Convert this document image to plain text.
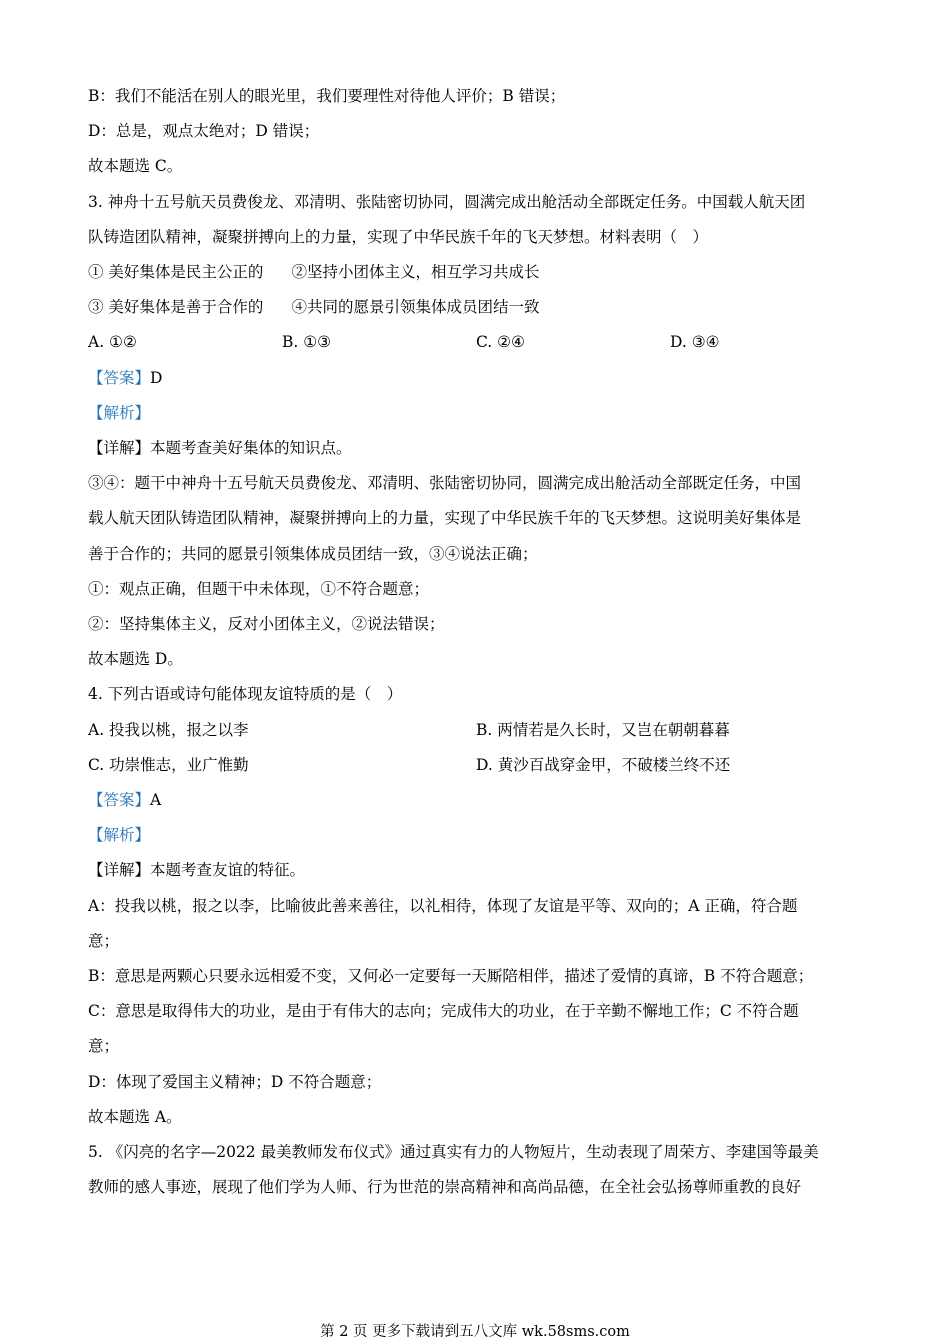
B：我们不能活在别人的眼光里，我们要理性对待他人评价；B 错误；
D：总是，观点太绝对；D 错误；
故本题选 C。
3. 神舟十五号航天员费俊龙、邓清明、张陆密切协同，圆满完成出舱活动全部既定任务。中国载人航天团
队铸造团队精神，凝聚拼搏向上的力量，实现了中华民族千年的飞天梦想。材料表明（　）
① 美好集体是民主公正的 ②坚持小团体主义，相互学习共成长
③ 美好集体是善于合作的 ④共同的愿景引领集体成员团结一致
A. ①②	B. ①③	C. ②④	D. ③④
【答案】D
【解析】
【详解】本题考查美好集体的知识点。
③④：题干中神舟十五号航天员费俊龙、邓清明、张陆密切协同，圆满完成出舱活动全部既定任务，中国
载人航天团队铸造团队精神，凝聚拼搏向上的力量，实现了中华民族千年的飞天梦想。这说明美好集体是
善于合作的；共同的愿景引领集体成员团结一致，③④说法正确；
①：观点正确，但题干中未体现，①不符合题意；
②：坚持集体主义，反对小团体主义，②说法错误；
故本题选 D。
4. 下列古语或诗句能体现友谊特质的是（　）
A. 投我以桃，报之以李	B. 两情若是久长时，又岂在朝朝暮暮
C. 功崇惟志，业广惟勤	D. 黄沙百战穿金甲，不破楼兰终不还
【答案】A
【解析】
【详解】本题考查友谊的特征。
A：投我以桃，报之以李，比喻彼此善来善往，以礼相待，体现了友谊是平等、双向的；A 正确，符合题
意；
B：意思是两颗心只要永远相爱不变，又何必一定要每一天厮陪相伴，描述了爱情的真谛，B 不符合题意；
C：意思是取得伟大的功业，是由于有伟大的志向；完成伟大的功业，在于辛勤不懈地工作；C 不符合题
意；
D：体现了爱国主义精神；D 不符合题意；
故本题选 A。
5. 《闪亮的名字—2022 最美教师发布仪式》通过真实有力的人物短片，生动表现了周荣方、李建国等最美
教师的感人事迹，展现了他们学为人师、行为世范的崇高精神和高尚品德，在全社会弘扬尊师重教的良好
第 2 页 更多下载请到五八文库 wk.58sms.com
